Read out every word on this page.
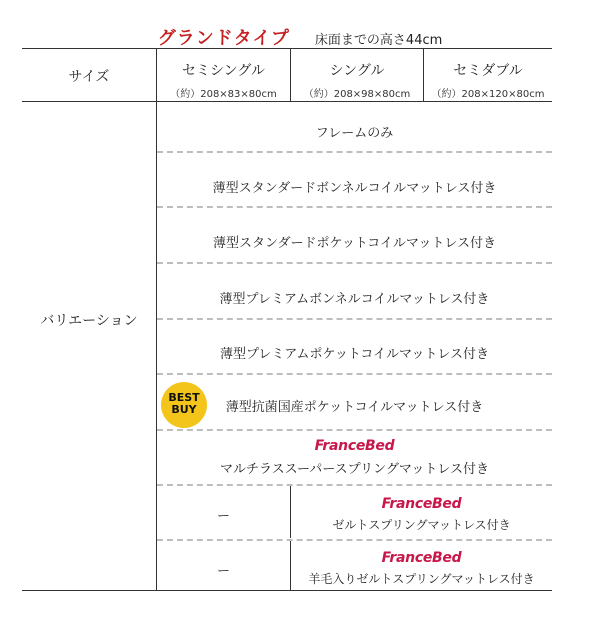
グランドタイプ 床面までの高さ44cm
サイズ	セミシングル
（約）208×83×80cm
シングル
（約）208×98×80cm
セミダブル
（約）208×120×80cm
バリエーション
フレームのみ
薄型スタンダードボンネルコイルマットレス付き
薄型スタンダードポケットコイルマットレス付き
薄型プレミアムボンネルコイルマットレス付き
薄型プレミアムポケットコイルマットレス付き
BEST
BUY	薄型抗菌国産ポケットコイルマットレス付き
FranceBed
マルチラススーパースプリングマットレス付き
ー
FranceBed
ゼルトスプリングマットレス付き
ー
FranceBed
羊毛入りゼルトスプリングマットレス付き
